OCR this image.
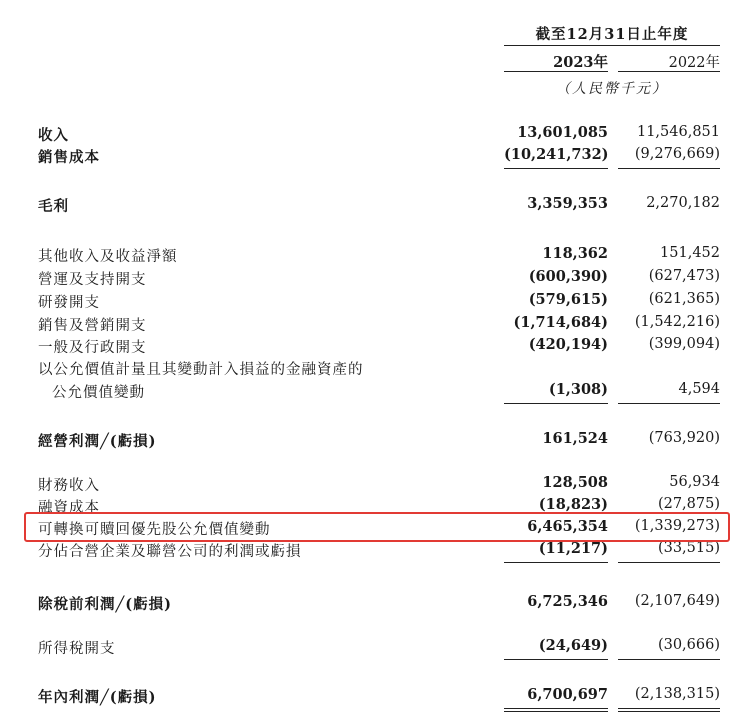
截至12月31日止年度
2023年	2022年
（人民幣千元）
收入	13,601,085	11,546,851
銷售成本	(10,241,732)	(9,276,669)
毛利	3,359,353	2,270,182
其他收入及收益淨額	118,362	151,452
營運及支持開支	(600,390)	(627,473)
研發開支	(579,615)	(621,365)
銷售及營銷開支	(1,714,684)	(1,542,216)
一般及行政開支	(420,194)	(399,094)
以公允價值計量且其變動計入損益的金融資產的
公允價值變動	(1,308)	4,594
經營利潤╱(虧損)	161,524	(763,920)
財務收入	128,508	56,934
融資成本	(18,823)	(27,875)
可轉換可贖回優先股公允價值變動	6,465,354	(1,339,273)
分佔合營企業及聯營公司的利潤或虧損	(11,217)	(33,515)
除稅前利潤╱(虧損)	6,725,346	(2,107,649)
所得稅開支	(24,649)	(30,666)
年內利潤╱(虧損)	6,700,697	(2,138,315)
